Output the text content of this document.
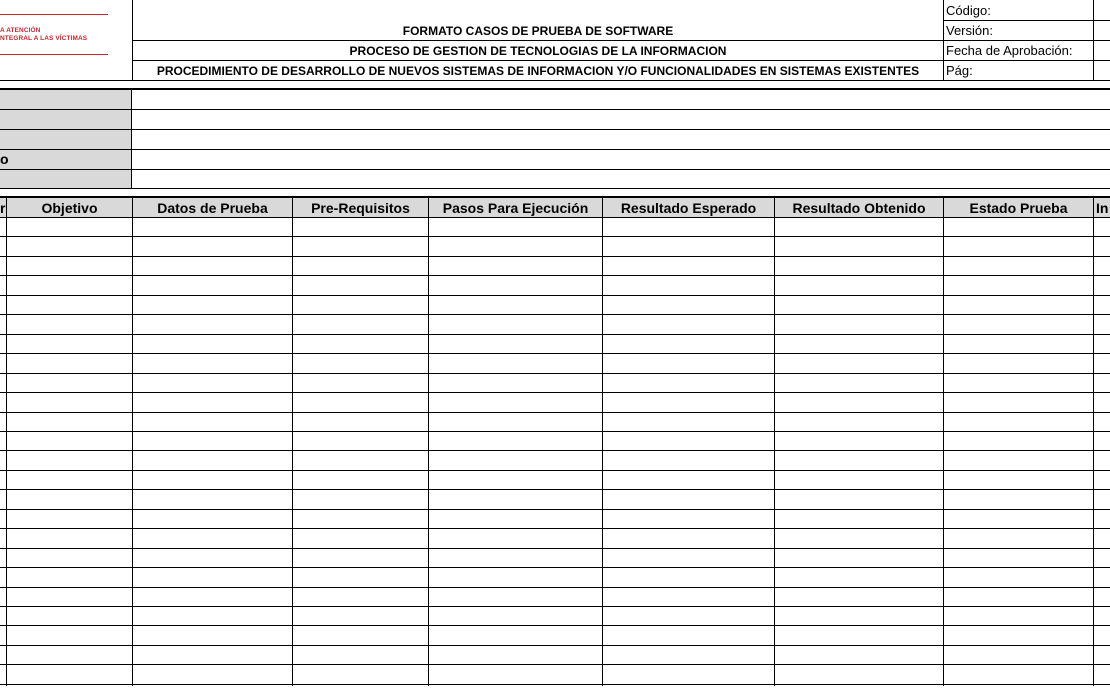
A ATENCIÓN
NTEGRAL A LAS VÍCTIMAS
FORMATO CASOS DE PRUEBA DE SOFTWARE
PROCESO DE GESTION DE TECNOLOGIAS DE LA INFORMACION
PROCEDIMIENTO DE DESARROLLO DE NUEVOS SISTEMAS DE INFORMACION Y/O FUNCIONALIDADES EN SISTEMAS EXISTENTES
Código:
Versión:
Fecha de Aprobación:
Pág:
o
r	Objetivo	Datos de Prueba	Pre-Requisitos	Pasos Para Ejecución	Resultado Esperado	Resultado Obtenido	Estado Prueba	In
